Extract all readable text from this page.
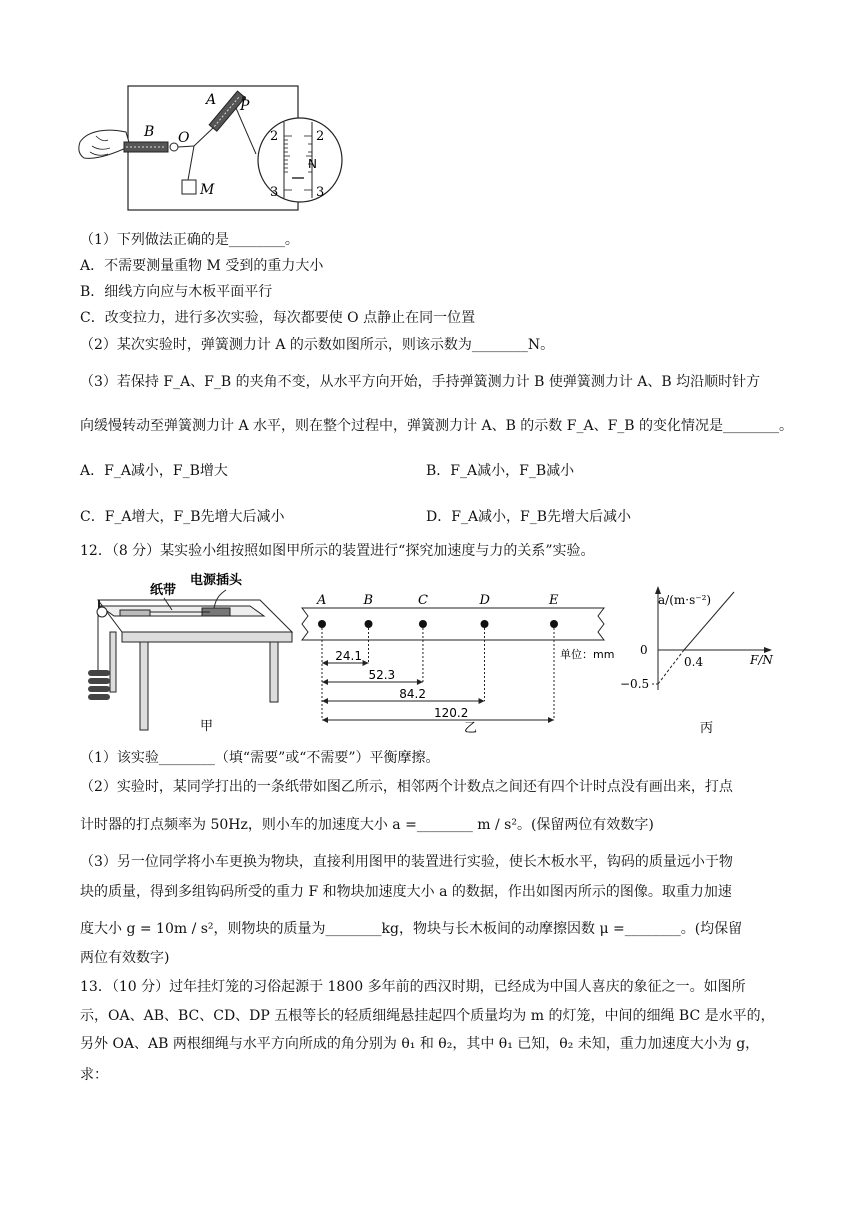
2	2
N
3	3
A P
B O
M
（1）下列做法正确的是________。
A．不需要测量重物 M 受到的重力大小
B．细线方向应与木板平面平行
C．改变拉力，进行多次实验，每次都要使 O 点静止在同一位置
（2）某次实验时，弹簧测力计 A 的示数如图所示，则该示数为________N。
（3）若保持 F_A、F_B 的夹角不变，从水平方向开始，手持弹簧测力计 B 使弹簧测力计 A、B 均沿顺时针方
向缓慢转动至弹簧测力计 A 水平，则在整个过程中，弹簧测力计 A、B 的示数 F_A、F_B 的变化情况是________。
A．F_A减小，F_B增大	B．F_A减小，F_B减小
C．F_A增大，F_B先增大后减小	D．F_A减小，F_B先增大后减小
12．（8 分）某实验小组按照如图甲所示的装置进行“探究加速度与力的关系”实验。
纸带
电源插头
甲
A	B	C	D	E
24.1
52.3
84.2
120.2
乙
单位：mm
a/(m·s⁻²)
F/N
0
0.4
−0.5
丙
（1）该实验________（填“需要”或“不需要”）平衡摩擦。
（2）实验时，某同学打出的一条纸带如图乙所示，相邻两个计数点之间还有四个计时点没有画出来，打点
计时器的打点频率为 50Hz，则小车的加速度大小 a =________ m / s²。(保留两位有效数字)
（3）另一位同学将小车更换为物块，直接利用图甲的装置进行实验，使长木板水平，钩码的质量远小于物
块的质量，得到多组钩码所受的重力 F 和物块加速度大小 a 的数据，作出如图丙所示的图像。取重力加速
度大小 g = 10m / s²，则物块的质量为________kg，物块与长木板间的动摩擦因数 μ =________。(均保留
两位有效数字)
13．（10 分）过年挂灯笼的习俗起源于 1800 多年前的西汉时期，已经成为中国人喜庆的象征之一。如图所
示，OA、AB、BC、CD、DP 五根等长的轻质细绳悬挂起四个质量均为 m 的灯笼，中间的细绳 BC 是水平的，
另外 OA、AB 两根细绳与水平方向所成的角分别为 θ₁ 和 θ₂，其中 θ₁ 已知，θ₂ 未知，重力加速度大小为 g，
求：
